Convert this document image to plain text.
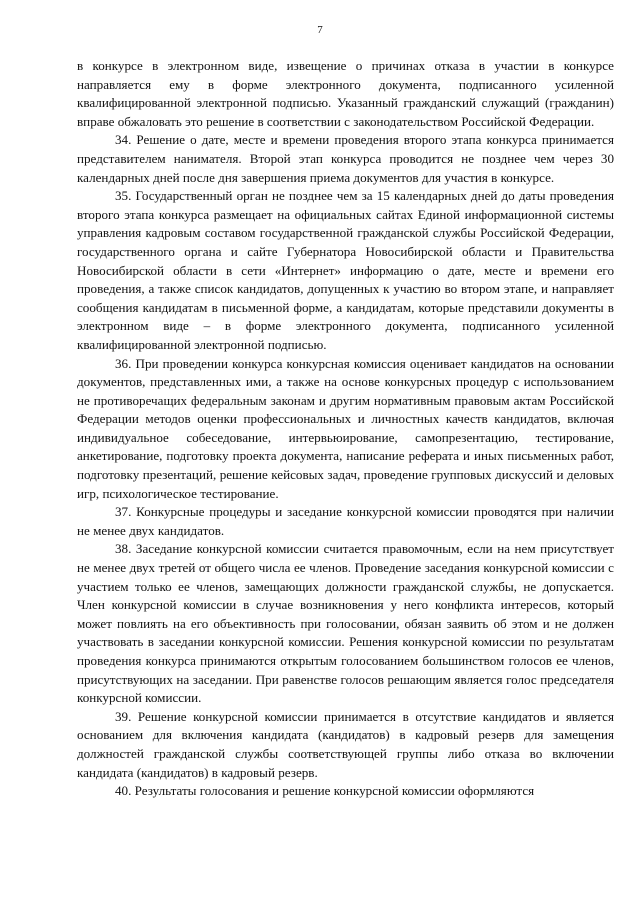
7

в конкурсе в электронном виде, извещение о причинах отказа в участии в конкурсе направляется ему в форме электронного документа, подписанного усиленной квалифицированной электронной подписью. Указанный гражданский служащий (гражданин) вправе обжаловать это решение в соответствии с законодательством Российской Федерации.

34. Решение о дате, месте и времени проведения второго этапа конкурса принимается представителем нанимателя. Второй этап конкурса проводится не позднее чем через 30 календарных дней после дня завершения приема документов для участия в конкурсе.

35. Государственный орган не позднее чем за 15 календарных дней до даты проведения второго этапа конкурса размещает на официальных сайтах Единой информационной системы управления кадровым составом государственной гражданской службы Российской Федерации, государственного органа и сайте Губернатора Новосибирской области и Правительства Новосибирской области в сети «Интернет» информацию о дате, месте и времени его проведения, а также список кандидатов, допущенных к участию во втором этапе, и направляет сообщения кандидатам в письменной форме, а кандидатам, которые представили документы в электронном виде – в форме электронного документа, подписанного усиленной квалифицированной электронной подписью.

36. При проведении конкурса конкурсная комиссия оценивает кандидатов на основании документов, представленных ими, а также на основе конкурсных процедур с использованием не противоречащих федеральным законам и другим нормативным правовым актам Российской Федерации методов оценки профессиональных и личностных качеств кандидатов, включая индивидуальное собеседование, интервьюирование, самопрезентацию, тестирование, анкетирование, подготовку проекта документа, написание реферата и иных письменных работ, подготовку презентаций, решение кейсовых задач, проведение групповых дискуссий и деловых игр, психологическое тестирование.

37. Конкурсные процедуры и заседание конкурсной комиссии проводятся при наличии не менее двух кандидатов.

38. Заседание конкурсной комиссии считается правомочным, если на нем присутствует не менее двух третей от общего числа ее членов. Проведение заседания конкурсной комиссии с участием только ее членов, замещающих должности гражданской службы, не допускается. Член конкурсной комиссии в случае возникновения у него конфликта интересов, который может повлиять на его объективность при голосовании, обязан заявить об этом и не должен участвовать в заседании конкурсной комиссии. Решения конкурсной комиссии по результатам проведения конкурса принимаются открытым голосованием большинством голосов ее членов, присутствующих на заседании. При равенстве голосов решающим является голос председателя конкурсной комиссии.

39. Решение конкурсной комиссии принимается в отсутствие кандидатов и является основанием для включения кандидата (кандидатов) в кадровый резерв для замещения должностей гражданской службы соответствующей группы либо отказа во включении кандидата (кандидатов) в кадровый резерв.

40. Результаты голосования и решение конкурсной комиссии оформляются
